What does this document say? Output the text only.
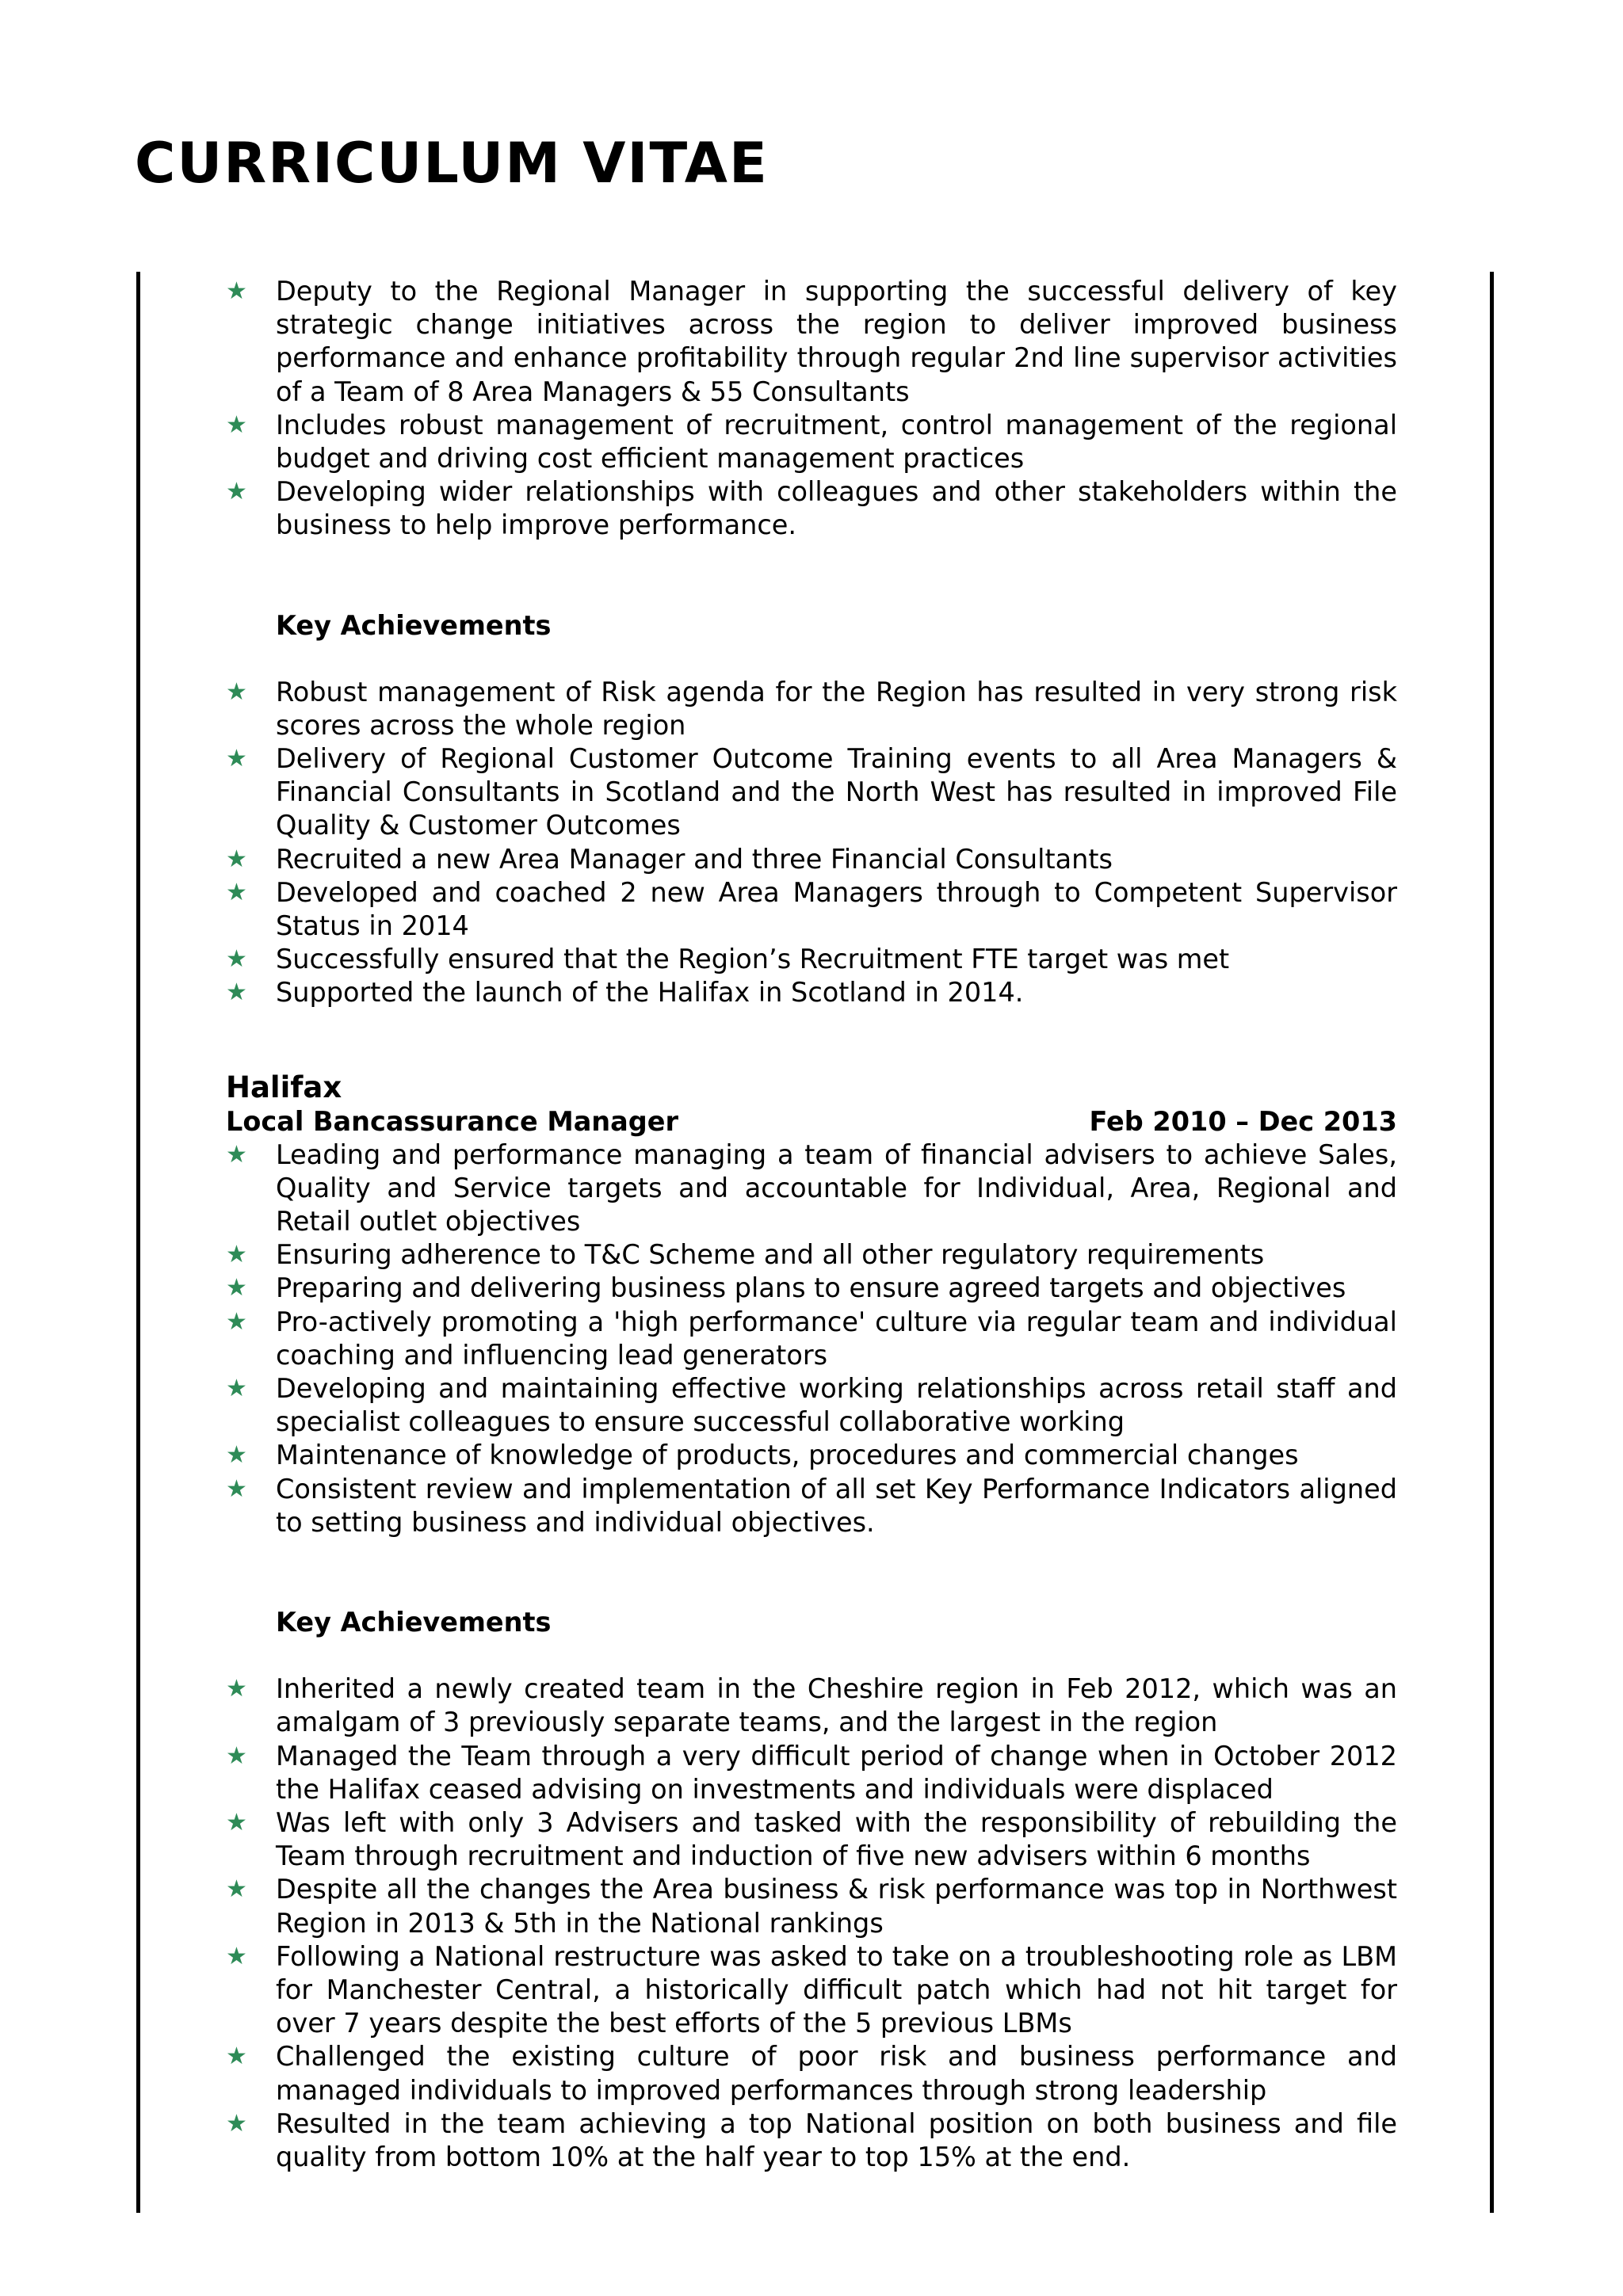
CURRICULUM VITAE
★ Deputy to the Regional Manager in supporting the successful delivery of key strategic change initiatives across the region to deliver improved business performance and enhance profitability through regular 2nd line supervisor activities of a Team of 8 Area Managers & 55 Consultants
★ Includes robust management of recruitment, control management of the regional budget and driving cost efficient management practices
★ Developing wider relationships with colleagues and other stakeholders within the business to help improve performance.

Key Achievements

★ Robust management of Risk agenda for the Region has resulted in very strong risk scores across the whole region
★ Delivery of Regional Customer Outcome Training events to all Area Managers & Financial Consultants in Scotland and the North West has resulted in improved File Quality & Customer Outcomes
★ Recruited a new Area Manager and three Financial Consultants
★ Developed and coached 2 new Area Managers through to Competent Supervisor Status in 2014
★ Successfully ensured that the Region’s Recruitment FTE target was met
★ Supported the launch of the Halifax in Scotland in 2014.

Halifax

Local Bancassurance Manager	Feb 2010 – Dec 2013
★ Leading and performance managing a team of financial advisers to achieve Sales, Quality and Service targets and accountable for Individual, Area, Regional and Retail outlet objectives
★ Ensuring adherence to T&C Scheme and all other regulatory requirements
★ Preparing and delivering business plans to ensure agreed targets and objectives
★ Pro-actively promoting a 'high performance' culture via regular team and individual coaching and influencing lead generators
★ Developing and maintaining effective working relationships across retail staff and specialist colleagues to ensure successful collaborative working
★ Maintenance of knowledge of products, procedures and commercial changes
★ Consistent review and implementation of all set Key Performance Indicators aligned to setting business and individual objectives.

Key Achievements

★ Inherited a newly created team in the Cheshire region in Feb 2012, which was an amalgam of 3 previously separate teams, and the largest in the region
★ Managed the Team through a very difficult period of change when in October 2012 the Halifax ceased advising on investments and individuals were displaced
★ Was left with only 3 Advisers and tasked with the responsibility of rebuilding the Team through recruitment and induction of five new advisers within 6 months
★ Despite all the changes the Area business & risk performance was top in Northwest Region in 2013 & 5th in the National rankings
★ Following a National restructure was asked to take on a troubleshooting role as LBM for Manchester Central, a historically difficult patch which had not hit target for over 7 years despite the best efforts of the 5 previous LBMs
★ Challenged the existing culture of poor risk and business performance and managed individuals to improved performances through strong leadership
★ Resulted in the team achieving a top National position on both business and file quality from bottom 10% at the half year to top 15% at the end.
